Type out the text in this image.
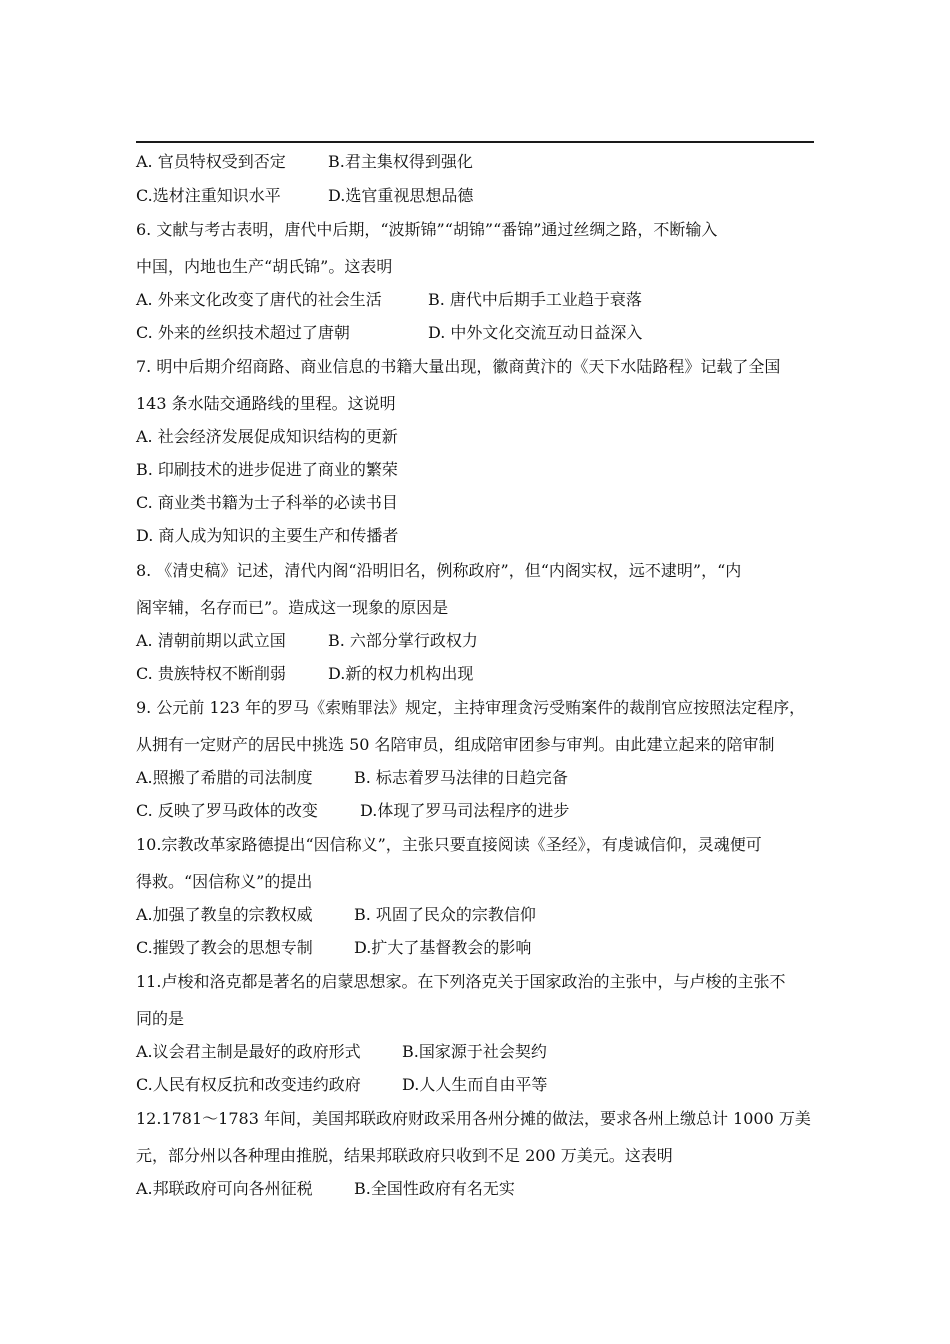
A. 官员特权受到否定	B.君主集权得到强化
C.选材注重知识水平	D.选官重视思想品德
6. 文献与考古表明，唐代中后期，“波斯锦”“胡锦”“番锦”通过丝绸之路，不断输入
中国，内地也生产“胡氏锦”。这表明
A. 外来文化改变了唐代的社会生活	B. 唐代中后期手工业趋于衰落
C. 外来的丝织技术超过了唐朝	D. 中外文化交流互动日益深入
7. 明中后期介绍商路、商业信息的书籍大量出现，徽商黄汴的《天下水陆路程》记载了全国
143 条水陆交通路线的里程。这说明
A. 社会经济发展促成知识结构的更新
B. 印刷技术的进步促进了商业的繁荣
C. 商业类书籍为士子科举的必读书目
D. 商人成为知识的主要生产和传播者
8. 《清史稿》记述，清代内阁“沿明旧名，例称政府”，但“内阁实权，远不逮明”，“内
阁宰辅，名存而已”。造成这一现象的原因是
A. 清朝前期以武立国	B. 六部分掌行政权力
C. 贵族特权不断削弱	D.新的权力机构出现
9. 公元前 123 年的罗马《索贿罪法》规定，主持审理贪污受贿案件的裁削官应按照法定程序，
从拥有一定财产的居民中挑选 50 名陪审员，组成陪审团参与审判。由此建立起来的陪审制
A.照搬了希腊的司法制度	B. 标志着罗马法律的日趋完备
C. 反映了罗马政体的改变	D.体现了罗马司法程序的进步
10.宗教改革家路德提出“因信称义”，主张只要直接阅读《圣经》，有虔诚信仰，灵魂便可
得救。“因信称义”的提出
A.加强了教皇的宗教权威	B. 巩固了民众的宗教信仰
C.摧毁了教会的思想专制	D.扩大了基督教会的影响
11.卢梭和洛克都是著名的启蒙思想家。在下列洛克关于国家政治的主张中，与卢梭的主张不
同的是
A.议会君主制是最好的政府形式	B.国家源于社会契约
C.人民有权反抗和改变违约政府	D.人人生而自由平等
12.1781～1783 年间，美国邦联政府财政采用各州分摊的做法，要求各州上缴总计 1000 万美
元，部分州以各种理由推脱，结果邦联政府只收到不足 200 万美元。这表明
A.邦联政府可向各州征税	B.全国性政府有名无实
